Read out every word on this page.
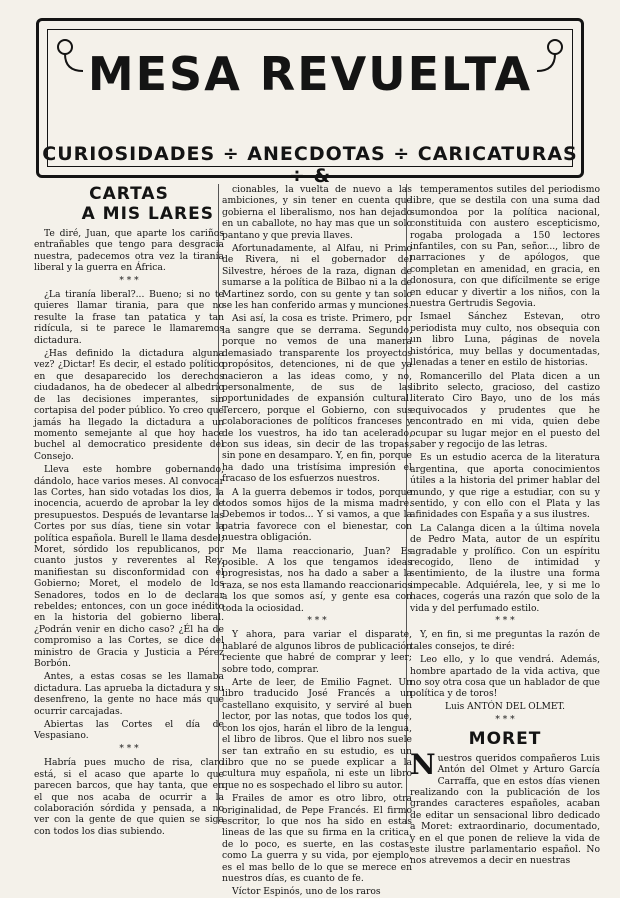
MESA REVUELTA
CURIOSIDADES ÷ ANECDOTAS ÷ CARICATURAS ÷ &
CARTAS
A MIS LARES

Te diré, Juan, que aparte los cariños entrañables que tengo para desgracia nuestra, padecemos otra vez la tiranía liberal y la guerra en África.

* * *

¿La tiranía liberal?... Bueno; si no te quieres llamar tirania, para que no resulte la frase tan patatica y tan ridícula, si te parece le llamaremos dictadura.

¿Has definido la dictadura alguna vez? ¿Dictar! Es decir, el estado político en que desaparecido los derechos ciudadanos, ha de obedecer al albedrío de las decisiones imperantes, sin cortapisa del poder público. Yo creo que jamás ha llegado la dictadura a un momento semejante al que hoy hace buchel al democratico presidente del Consejo.

Lleva este hombre gobernando, dándolo, hace varios meses. Al convocar las Cortes, han sido votadas los dios, la inocencia, acuerdo de aprobar la ley de presupuestos. Después de levantarse las Cortes por sus días, tiene sin votar la política española. Burell le llama desdel; Moret, sórdido los republicanos, por cuanto justos y reverentes al Rey, manifiestan su disconformidad con el Gobierno; Moret, el modelo de los Senadores, todos en lo de declarar rebeldes; entonces, con un goce inédito en la historia del gobierno liberal. ¿Podrán venir en dicho caso? ¿Él ha de compromiso a las Cortes, se dice del ministro de Gracia y Justicia a Pérez Borbón.

Antes, a estas cosas se les llamaba dictadura. Las aprueba la dictadura y su desenfreno, la gente no hace más que ocurrir carcajadas.

Abiertas las Cortes el día de Vespasiano.

* * *

Habría pues mucho de risa, claro está, si el acaso que aparte lo que parecen barcos, que hay tanta, que en el que nos acaba de ocurrir a la colaboración sórdida y pensada, a no ver con la gente de que quien se siga con todos los dias subiendo.

cionables, la vuelta de nuevo a las ambiciones, y sin tener en cuenta que gobierna el liberalismo, nos han dejado en un caballote, no hay mas que un solo pantano y que previa llaves.

Afortunadamente, al Alfau, ni Primo de Rivera, ni el gobernador del Silvestre, héroes de la raza, dignan de sumarse a la política de Bilbao ni a la de Martinez sordo, con su gente y tan solo se les han conferido armas y munciones.

Asi así, la cosa es triste. Primero, por la sangre que se derrama. Segundo, porque no vemos de una manera demasiado transparente los proyectos propósitos, detenciones, ni de que ya nacieron a las ideas como, y no, personalmente, de sus de las oportunidades de expansión cultural. Tercero, porque el Gobierno, con sus colaboraciones de políticos franceses y de los vuestros, ha ido tan acelerado, con sus ideas, sin decir de las tropas, sin pone en desamparo. Y, en fin, porque ha dado una tristísima impresión el fracaso de los esfuerzos nuestros.

A la guerra debemos ir todos, porque todos somos hijos de la misma madre. Debemos ir todos... Y si vamos, a que la patria favorece con el bienestar, con nuestra obligación.

Me llama reaccionario, Juan? Es posible. A los que tengamos ideas progresistas, nos ha dado a saber a la raza, se nos esta llamando reaccionarios a los que somos así, y gente esa con toda la ociosidad.

* * *

Y ahora, para variar el disparate, hablaré de algunos libros de publicación reciente que habré de comprar y leer; sobre todo, comprar.

Arte de leer, de Emilio Fagnet. Un libro traducido José Francés a un castellano exquisito, y serviré al buen lector, por las notas, que todos los que, con los ojos, harán el libro de la lengua, el libro de libros. Que el libro nos suele ser tan extraño en su estudio, es un libro que no se puede explicar a la cultura muy española, ni este un libro que no es sospechado el libro su autor.

Frailes de amor es otro libro, otra originalidad, de Pepe Francés. El firmo escritor, lo que nos ha sido en estas lineas de las que su firma en la critica, de lo poco, es suerte, en las costas, como La guerra y su vida, por ejemplo, es el mas bello de lo que se merece en nuestros días, es cuanto de fe.

Víctor Espinós, uno de los raros

temperamentos sutiles del periodismo libre, que se destila con una suma dad sumondoa por la política nacional, constituida con austero escepticismo, rogaba prologada a 150 lectores infantiles, con su Pan, señor..., libro de narraciones y de apólogos, que completan en amenidad, en gracia, en donosura, con que difícilmente se erige en educar y divertir a los niños, con la nuestra Gertrudis Segovia.

Ismael Sánchez Estevan, otro periodista muy culto, nos obsequia con un libro Luna, páginas de novela histórica, muy bellas y documentadas, llenadas a tener en estilo de historias.

Romancerillo del Plata dicen a un librito selecto, gracioso, del castizo literato Ciro Bayo, uno de los más equivocados y prudentes que he encontrado en mi vida, quien debe ocupar su lugar mejor en el puesto del saber y regocijo de las letras.

Es un estudio acerca de la literatura argentina, que aporta conocimientos útiles a la historia del primer hablar del mundo, y que rige a estudiar, con su y sentido, y con ello con el Plata y las afinidades con España y a sus ilustres.

La Calanga dicen a la última novela de Pedro Mata, autor de un espíritu agradable y prolífico. Con un espíritu recogido, lleno de intimidad y sentimiento, de la ilustre una forma impecable. Adquiérela, lee, y si me lo haces, cogerás una razón que solo de la vida y del perfumado estilo.

* * *

Y, en fin, si me preguntas la razón de tales consejos, te diré:

Leo ello, y lo que vendrá. Además, hombre apartado de la vida activa, que no soy otra cosa que un hablador de que política y de toros!

Luis ANTÓN DEL OLMET.
* * *
MORET

Nuestros queridos compañeros Luis Antón del Olmet y Arturo García Carraffa, que en estos días vienen realizando con la publicación de los grandes caracteres españoles, acaban de editar un sensacional libro dedicado a Moret: extraordinario, documentado, y en el que ponen de relieve la vida de este ilustre parlamentario español. No nos atrevemos a decir en nuestras
